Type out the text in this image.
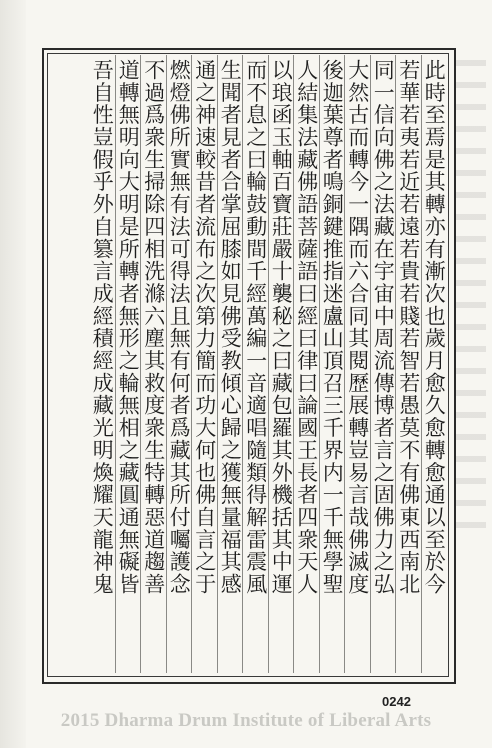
此時至焉是其轉亦有漸次也歲月愈久愈轉愈通以至於今
若華若夷若近若遠若貴若賤若智若愚莫不有佛東西南北
同一信向佛之法藏在宇宙中周流傳博者言之固佛力之弘
大然古而轉今一隅而六合同其閱歷展轉豈易言哉佛滅度
後迦葉尊者鳴銅鍵推指迷盧山頂召三千界内一千無學聖
人結集法藏佛語菩薩語曰經曰律曰論國王長者四衆天人
以琅函玉軸百寶莊嚴十襲秘之曰藏包羅其外機括其中運
而不息之曰輪鼓動間千經萬編一音適唱隨類得解雷震風
生聞者見者合掌屈膝如見佛受教傾心歸之獲無量福其感
通之神速較昔者流布之次第力簡而功大何也佛自言之于
燃燈佛所實無有法可得法且無有何者爲藏其所付囑護念
不過爲衆生掃除四相洗滌六塵其救度衆生特轉惡道趨善
道轉無明向大明是所轉者無形之輪無相之藏圓通無礙皆
吾自性豈假乎外自篡言成經積經成藏光明煥耀天龍神鬼
0242
2015 Dharma Drum Institute of Liberal Arts
